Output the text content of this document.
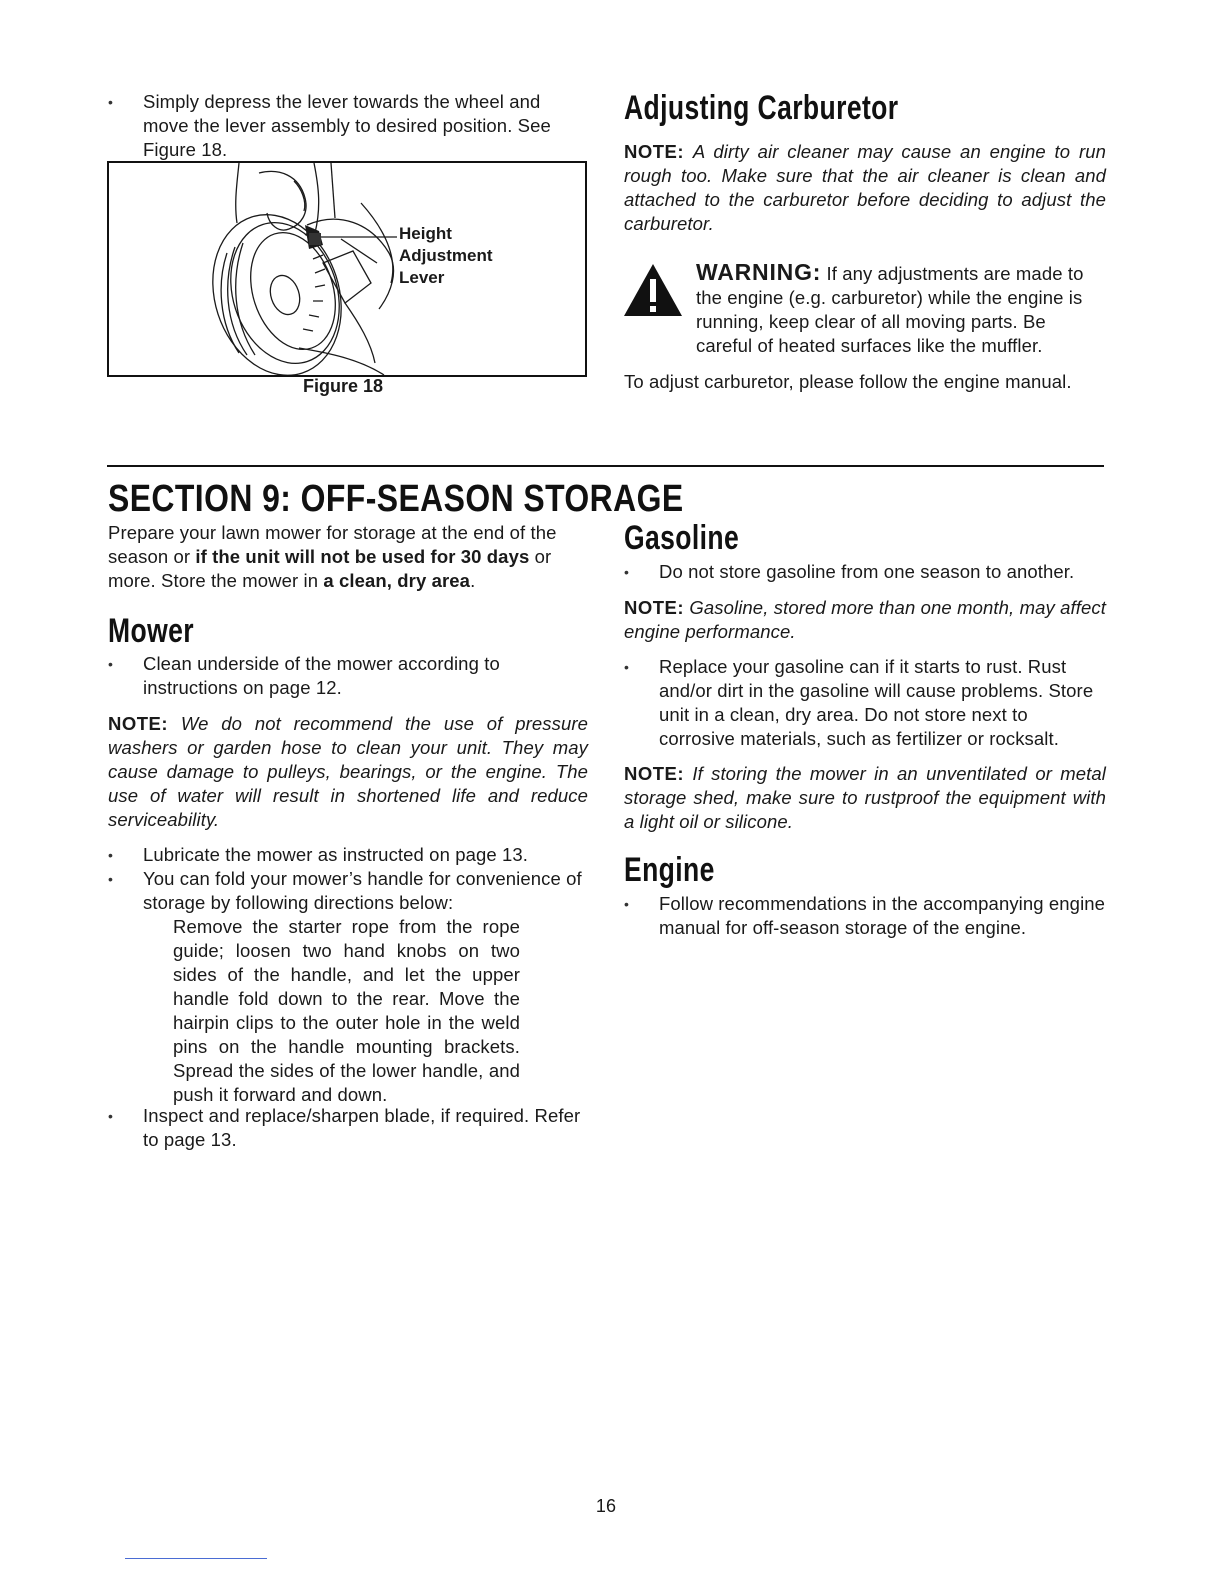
• Simply depress the lever towards the wheel and move the lever assembly to desired position. See Figure 18.
Height
Adjustment
Lever
Figure 18
Adjusting Carburetor

NOTE: A dirty air cleaner may cause an engine to run rough too. Make sure that the air cleaner is clean and attached to the carburetor before deciding to adjust the carburetor.

WARNING: If any adjustments are made to the engine (e.g. carburetor) while the engine is running, keep clear of all moving parts. Be careful of heated surfaces like the muffler.

To adjust carburetor, please follow the engine manual.

SECTION 9: OFF-SEASON STORAGE

Prepare your lawn mower for storage at the end of the season or if the unit will not be used for 30 days or more. Store the mower in a clean, dry area.

Mower
• Clean underside of the mower according to instructions on page 12.

NOTE: We do not recommend the use of pressure washers or garden hose to clean your unit. They may cause damage to pulleys, bearings, or the engine. The use of water will result in shortened life and reduce serviceability.

• Lubricate the mower as instructed on page 13.
• You can fold your mower’s handle for convenience of storage by following directions below:

Remove the starter rope from the rope guide; loosen two hand knobs on two sides of the handle, and let the upper handle fold down to the rear. Move the hairpin clips to the outer hole in the weld pins on the handle mounting brackets. Spread the sides of the lower handle, and push it forward and down.

• Inspect and replace/sharpen blade, if required. Refer to page 13.
Gasoline
• Do not store gasoline from one season to another.

NOTE: Gasoline, stored more than one month, may affect engine performance.

• Replace your gasoline can if it starts to rust. Rust and/or dirt in the gasoline will cause problems. Store unit in a clean, dry area. Do not store next to corrosive materials, such as fertilizer or rocksalt.

NOTE: If storing the mower in an unventilated or metal storage shed, make sure to rustproof the equipment with a light oil or silicone.

Engine
• Follow recommendations in the accompanying engine manual for off-season storage of the engine.
16
